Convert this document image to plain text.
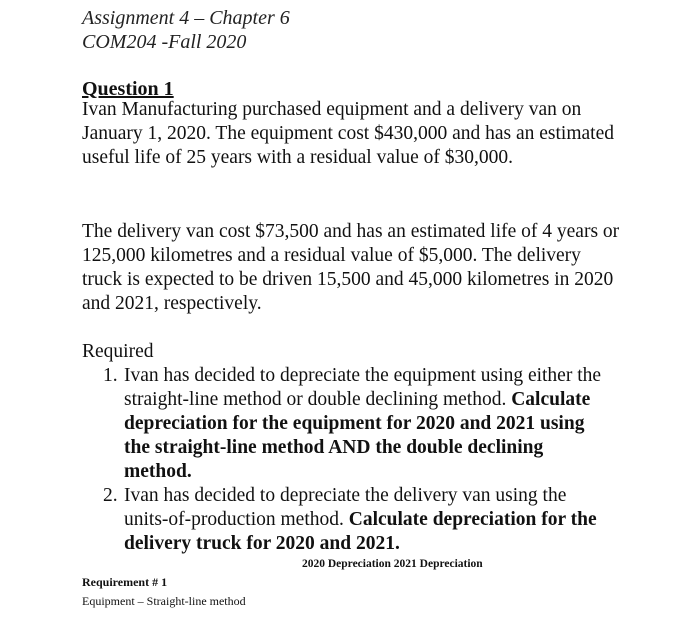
Assignment 4 – Chapter 6
COM204 -Fall 2020
Question 1

Ivan Manufacturing purchased equipment and a delivery van on January 1, 2020. The equipment cost $430,000 and has an estimated useful life of 25 years with a residual value of $30,000.

The delivery van cost $73,500 and has an estimated life of 4 years or 125,000 kilometres and a residual value of $5,000. The delivery truck is expected to be driven 15,500 and 45,000 kilometres in 2020 and 2021, respectively.

Required
1. Ivan has decided to depreciate the equipment using either the straight-line method or double declining method. Calculate depreciation for the equipment for 2020 and 2021 using the straight-line method AND the double declining method.
2. Ivan has decided to depreciate the delivery van using the units-of-production method. Calculate depreciation for the delivery truck for 2020 and 2021.
2020 Depreciation 2021 Depreciation
Requirement # 1
Equipment – Straight-line method
